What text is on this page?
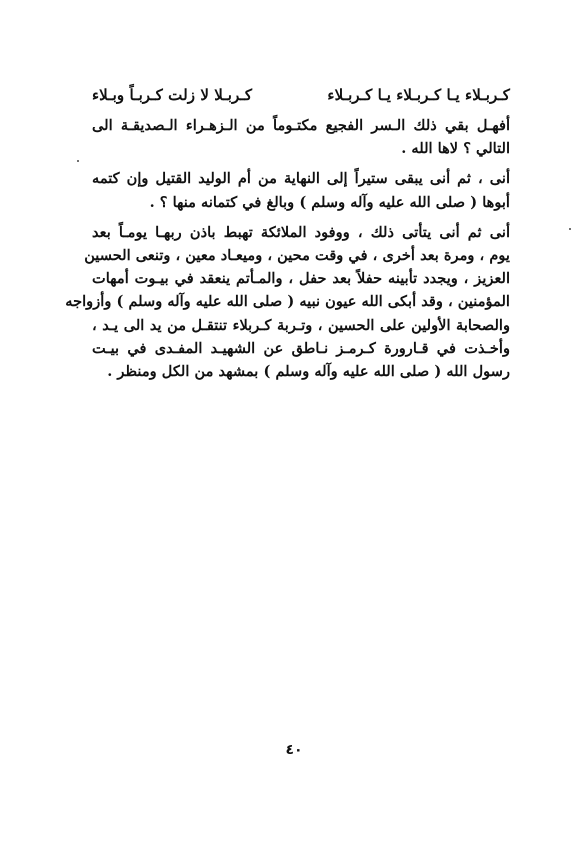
كـربـلاء يـا كـربـلاء يـا كـربـلاء
كـربـلا لا زلت كـربـاً وبـلاء
أفهـل بقي ذلك الـسر الفجيع مكتـوماً من الـزهـراء الـصديقـة الى
التالي ؟ لاها الله .
أنى ، ثم أنى يبقى ستيراً إلى النهاية من أم الوليد القتيل وإن كتمه
أبوها ( صلى الله عليه وآله وسلم ) وبالغ في كتمانه منها ؟ .
أنى ثم أنى يتأتى ذلك ، ووفود الملائكة تهبط باذن ربهـا يومـاً بعد
يوم ، ومرة بعد أخرى ، في وقت محين ، وميعـاد معين ، وتنعى الحسين
العزيز ، ويجدد تأبينه حفلاً بعد حفل ، والمـأتم ينعقد في بيـوت أمهات
المؤمنين ، وقد أبكى الله عيون نبيه ( صلى الله عليه وآله وسلم ) وأزواجه
والصحابة الأولين على الحسين ، وتـربة كـربلاء تنتقـل من يد الى يـد ،
وأخـذت في قـارورة كـرمـز نـاطق عن الشهيـد المفـدى في بيـت
رسول الله ( صلى الله عليه وآله وسلم ) بمشهد من الكل ومنظر .
٤٠
